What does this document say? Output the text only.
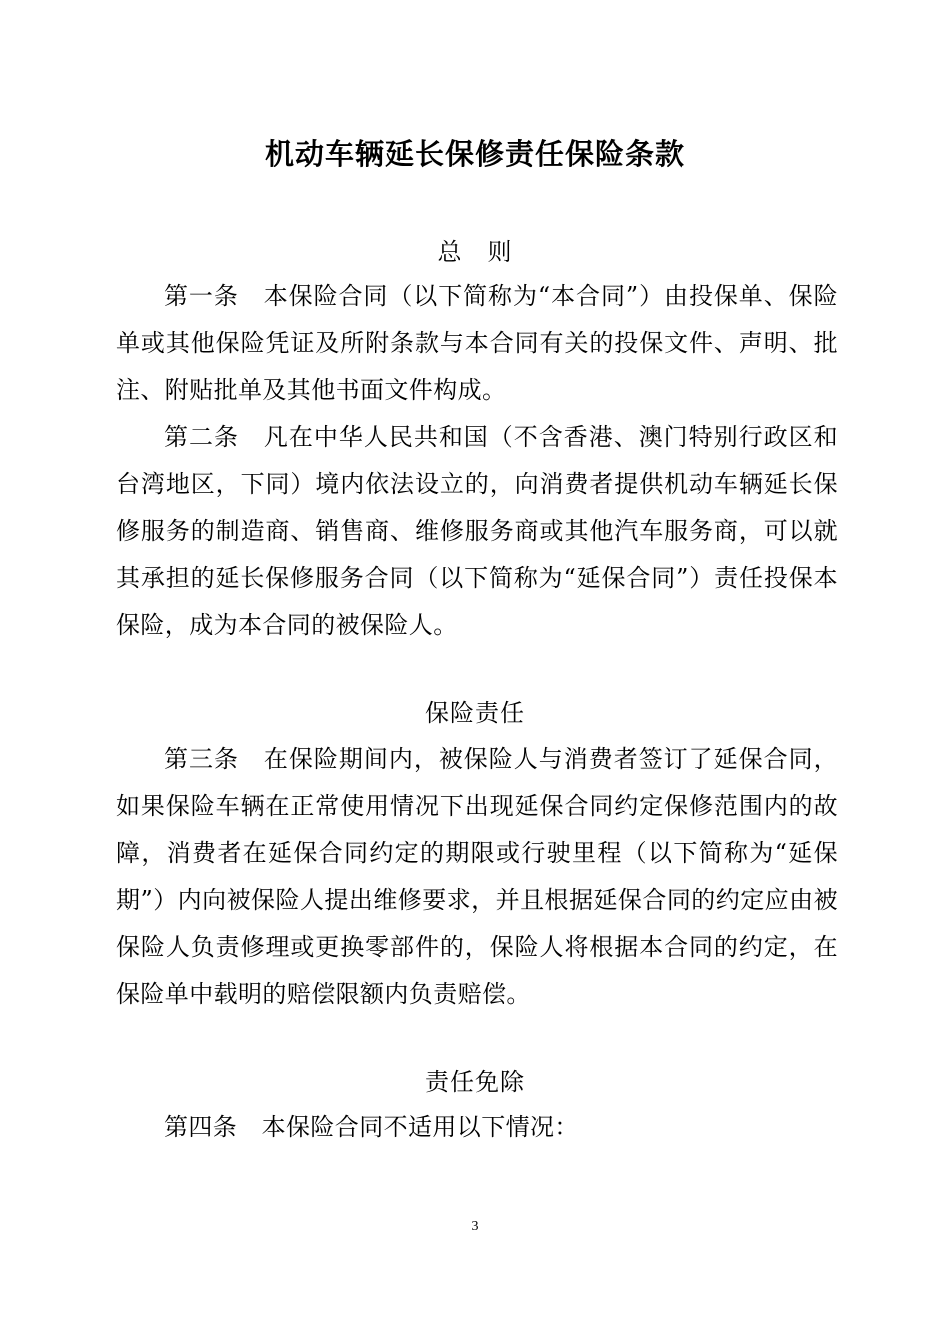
机动车辆延长保修责任保险条款
总　则

第一条　本保险合同（以下简称为“本合同”）由投保单、保险单或其他保险凭证及所附条款与本合同有关的投保文件、声明、批注、附贴批单及其他书面文件构成。

第二条　凡在中华人民共和国（不含香港、澳门特别行政区和台湾地区，下同）境内依法设立的，向消费者提供机动车辆延长保修服务的制造商、销售商、维修服务商或其他汽车服务商，可以就其承担的延长保修服务合同（以下简称为“延保合同”）责任投保本保险，成为本合同的被保险人。

保险责任

第三条　在保险期间内，被保险人与消费者签订了延保合同，如果保险车辆在正常使用情况下出现延保合同约定保修范围内的故障，消费者在延保合同约定的期限或行驶里程（以下简称为“延保期”）内向被保险人提出维修要求，并且根据延保合同的约定应由被保险人负责修理或更换零部件的，保险人将根据本合同的约定，在保险单中载明的赔偿限额内负责赔偿。

责任免除

第四条　本保险合同不适用以下情况：

3
